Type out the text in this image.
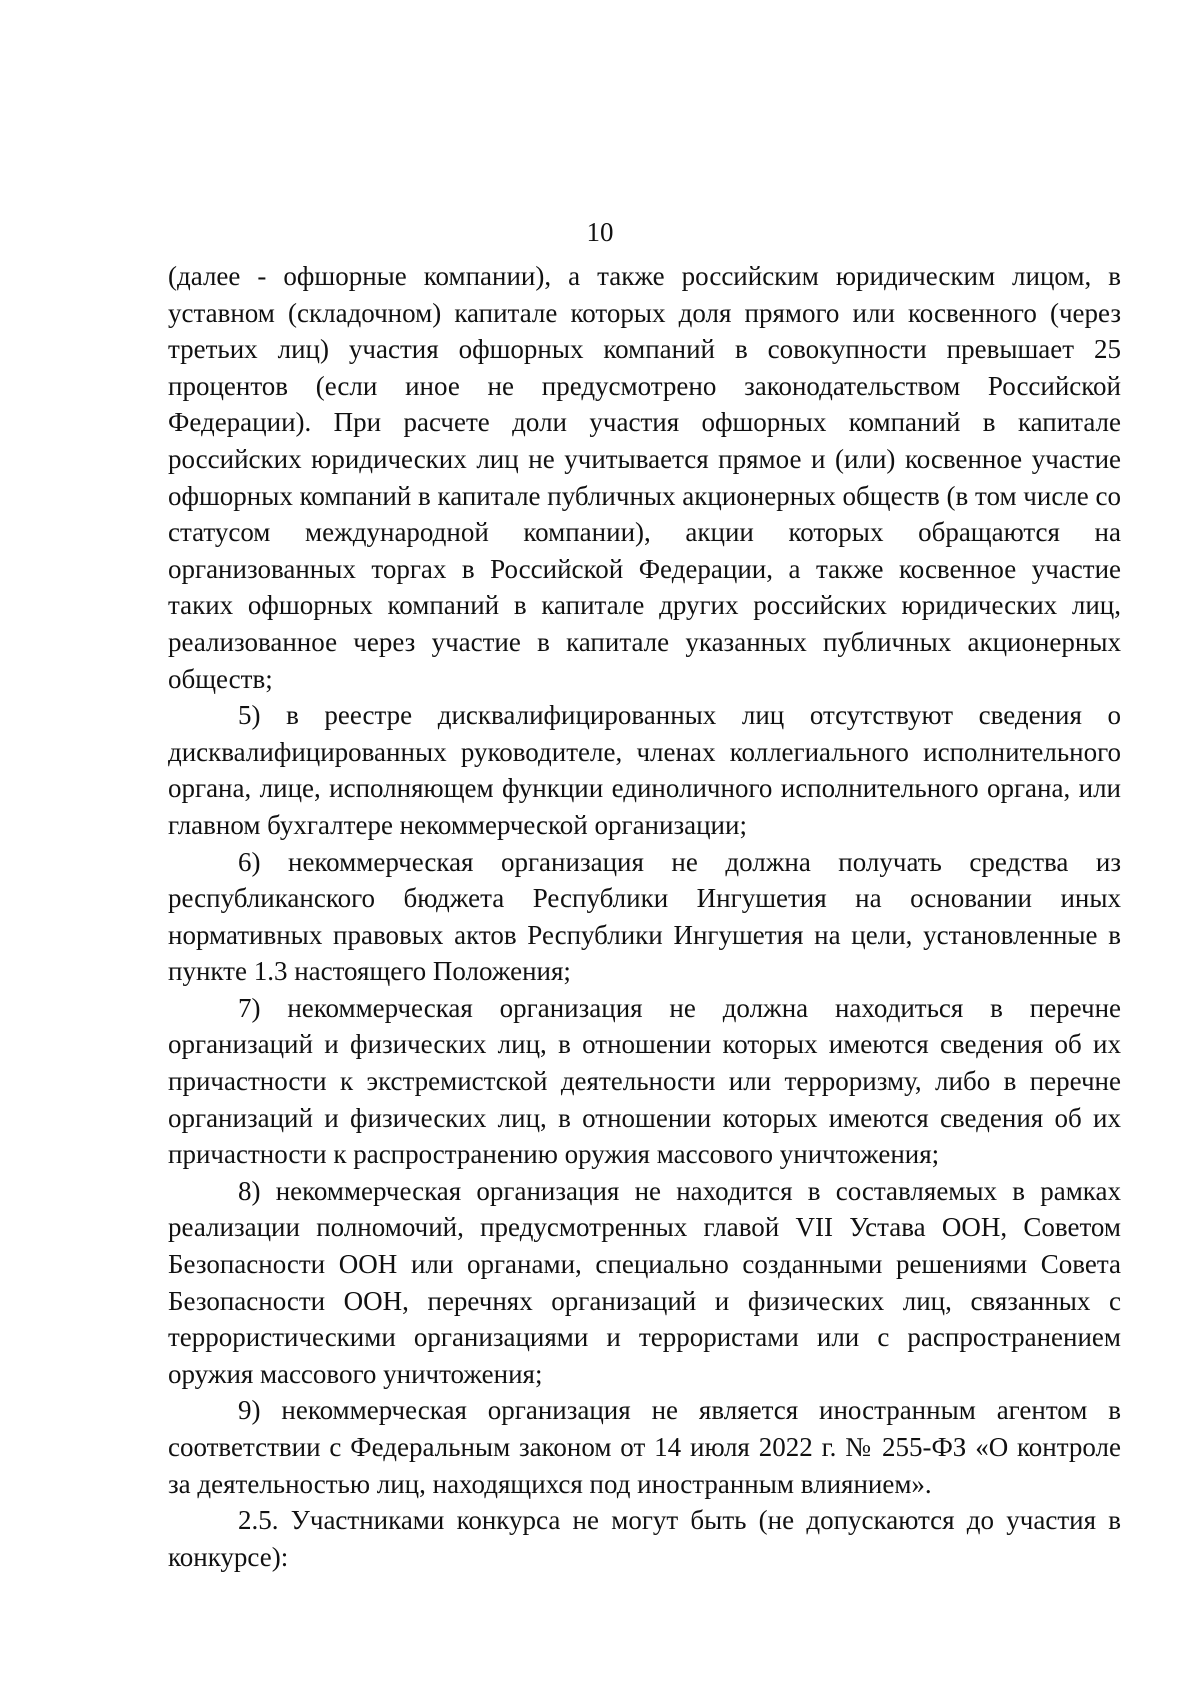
10

(далее - офшорные компании), а также российским юридическим лицом, в уставном (складочном) капитале которых доля прямого или косвенного (через третьих лиц) участия офшорных компаний в совокупности превышает 25 процентов (если иное не предусмотрено законодательством Российской Федерации). При расчете доли участия офшорных компаний в капитале российских юридических лиц не учитывается прямое и (или) косвенное участие офшорных компаний в капитале публичных акционерных обществ (в том числе со статусом международной компании), акции которых обращаются на организованных торгах в Российской Федерации, а также косвенное участие таких офшорных компаний в капитале других российских юридических лиц, реализованное через участие в капитале указанных публичных акционерных обществ;

5) в реестре дисквалифицированных лиц отсутствуют сведения о дисквалифицированных руководителе, членах коллегиального исполнительного органа, лице, исполняющем функции единоличного исполнительного органа, или главном бухгалтере некоммерческой организации;

6) некоммерческая организация не должна получать средства из республиканского бюджета Республики Ингушетия на основании иных нормативных правовых актов Республики Ингушетия на цели, установленные в пункте 1.3 настоящего Положения;

7) некоммерческая организация не должна находиться в перечне организаций и физических лиц, в отношении которых имеются сведения об их причастности к экстремистской деятельности или терроризму, либо в перечне организаций и физических лиц, в отношении которых имеются сведения об их причастности к распространению оружия массового уничтожения;

8) некоммерческая организация не находится в составляемых в рамках реализации полномочий, предусмотренных главой VII Устава ООН, Советом Безопасности ООН или органами, специально созданными решениями Совета Безопасности ООН, перечнях организаций и физических лиц, связанных с террористическими организациями и террористами или с распространением оружия массового уничтожения;

9) некоммерческая организация не является иностранным агентом в соответствии с Федеральным законом от 14 июля 2022 г. № 255-ФЗ «О контроле за деятельностью лиц, находящихся под иностранным влиянием».

2.5. Участниками конкурса не могут быть (не допускаются до участия в конкурсе):
